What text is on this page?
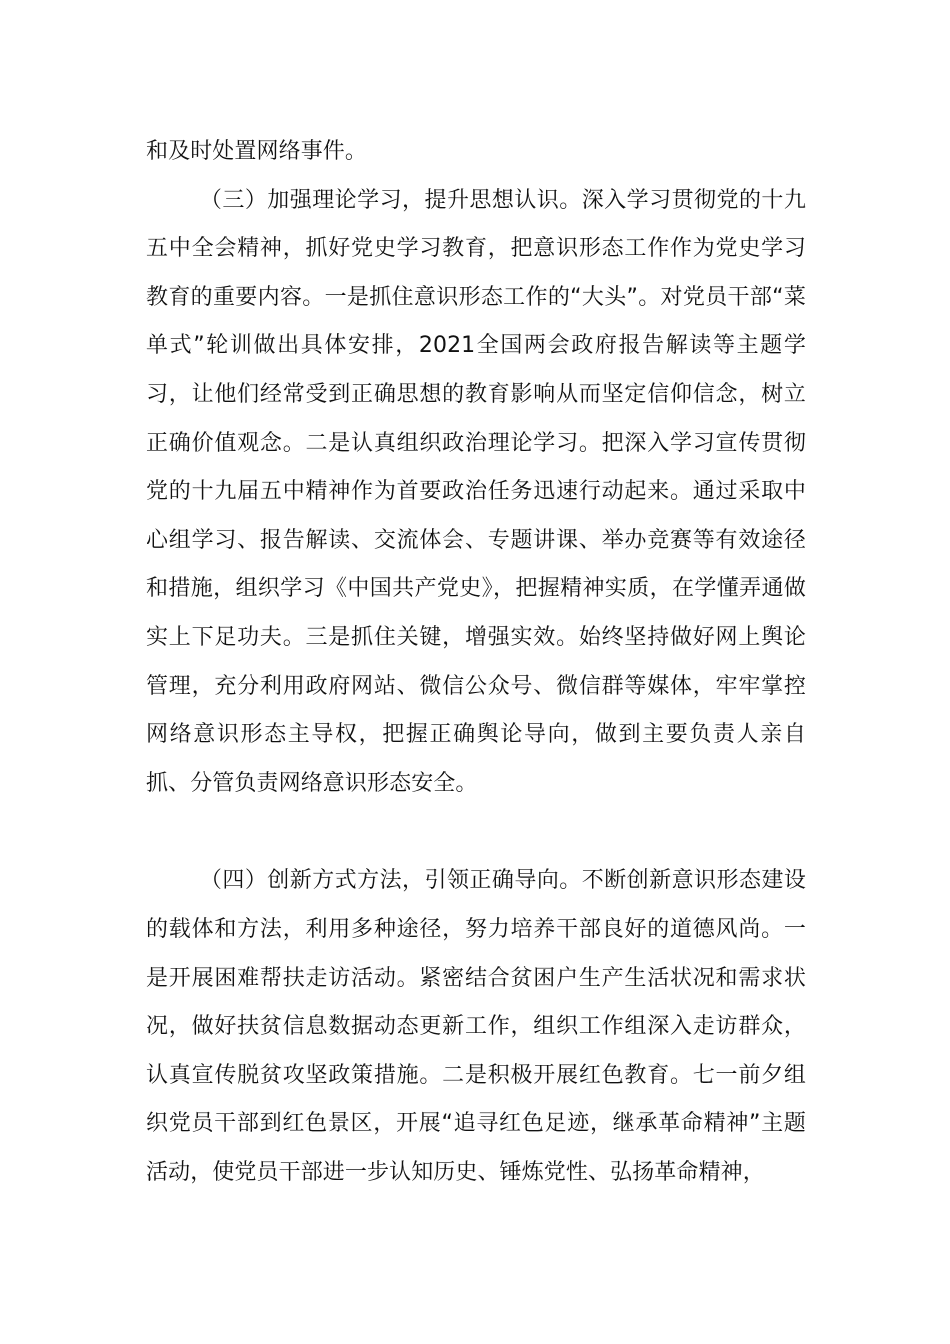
和及时处置网络事件。

（三）加强理论学习，提升思想认识。深入学习贯彻党的十九五中全会精神，抓好党史学习教育，把意识形态工作作为党史学习教育的重要内容。一是抓住意识形态工作的“大头”。对党员干部“菜单式”轮训做出具体安排，2021全国两会政府报告解读等主题学习，让他们经常受到正确思想的教育影响从而坚定信仰信念，树立正确价值观念。二是认真组织政治理论学习。把深入学习宣传贯彻党的十九届五中精神作为首要政治任务迅速行动起来。通过采取中心组学习、报告解读、交流体会、专题讲课、举办竞赛等有效途径和措施，组织学习《中国共产党史》，把握精神实质，在学懂弄通做实上下足功夫。三是抓住关键，增强实效。始终坚持做好网上舆论管理，充分利用政府网站、微信公众号、微信群等媒体，牢牢掌控网络意识形态主导权，把握正确舆论导向，做到主要负责人亲自抓、分管负责网络意识形态安全。

（四）创新方式方法，引领正确导向。不断创新意识形态建设的载体和方法，利用多种途径，努力培养干部良好的道德风尚。一是开展困难帮扶走访活动。紧密结合贫困户生产生活状况和需求状况，做好扶贫信息数据动态更新工作，组织工作组深入走访群众，认真宣传脱贫攻坚政策措施。二是积极开展红色教育。七一前夕组织党员干部到红色景区，开展“追寻红色足迹，继承革命精神”主题活动，使党员干部进一步认知历史、锤炼党性、弘扬革命精神，
